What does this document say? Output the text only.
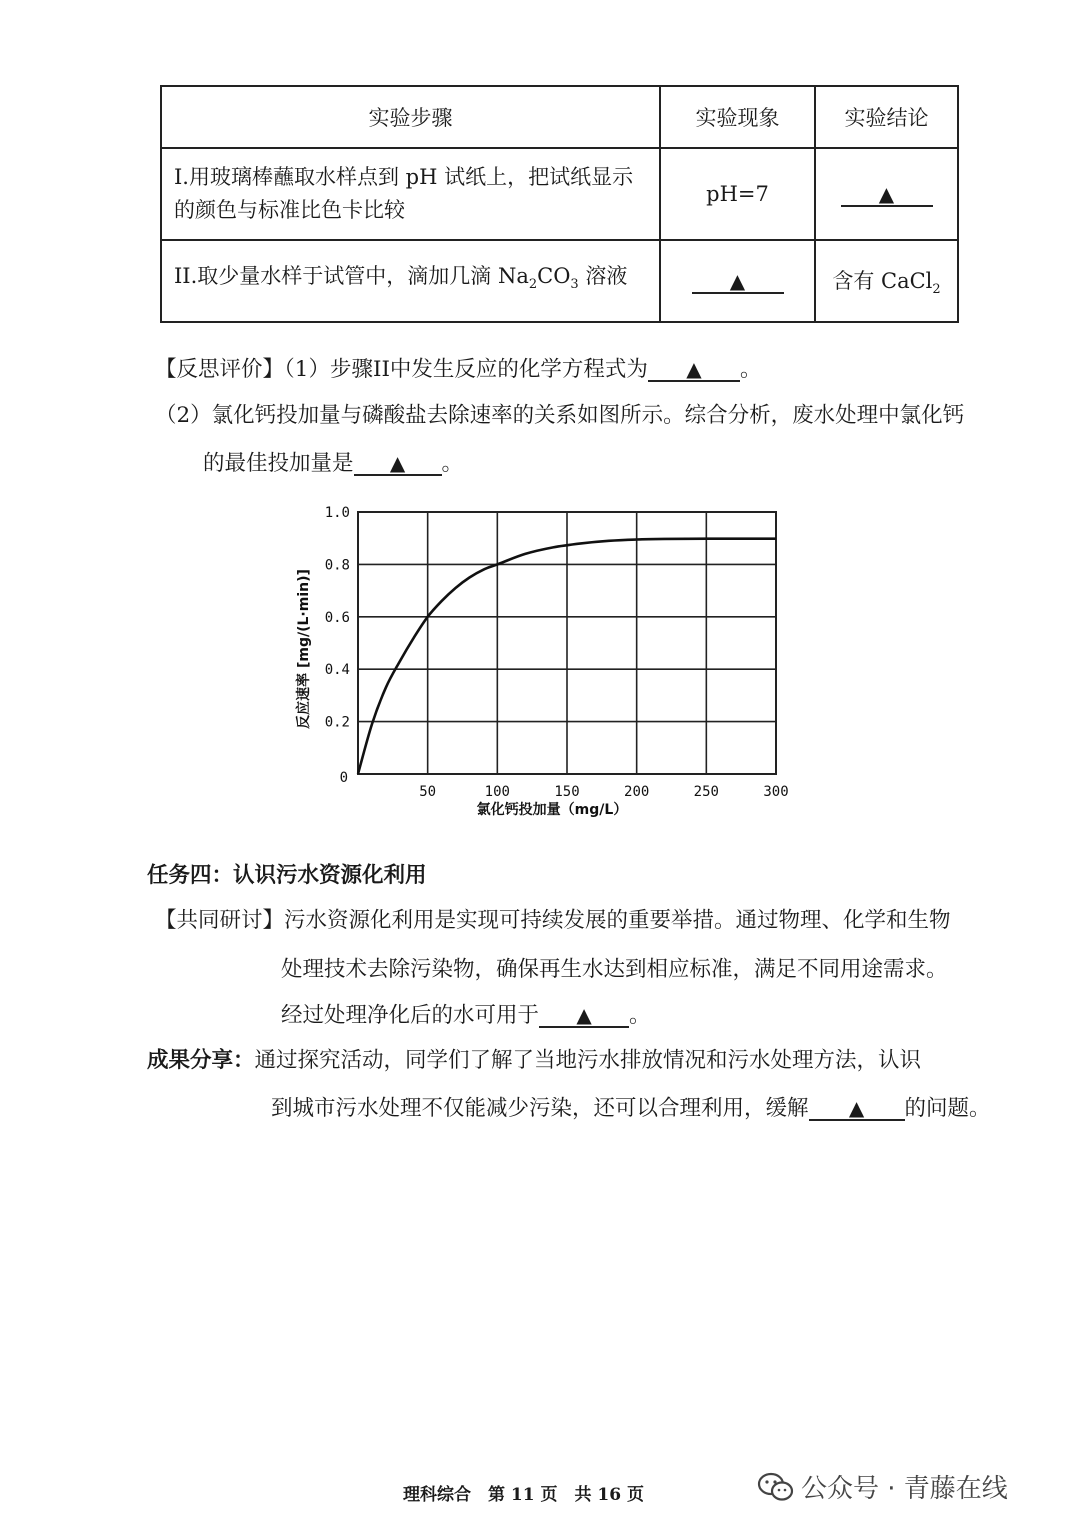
实验步骤	实验现象	实验结论
I.用玻璃棒蘸取水样点到 pH 试纸上，把试纸显示的颜色与标准比色卡比较	pH=7	▲
II.取少量水样于试管中，滴加几滴 $Na_2CO_3$ 溶液	▲	含有 CaCl$_2$
【反思评价】（1）步骤II中发生反应的化学方程式为 ▲ 。
（2）氯化钙投加量与磷酸盐去除速率的关系如图所示。综合分析，废水处理中氯化钙
的最佳投加量是 ▲ 。
50	100	150	200	250	300
0.2
0.4
0.6
0.8
1.0
0
氯化钙投加量（mg/L）
反应速率 [mg/(L·min)]
任务四：认识污水资源化利用
【共同研讨】污水资源化利用是实现可持续发展的重要举措。通过物理、化学和生物
处理技术去除污染物，确保再生水达到相应标准，满足不同用途需求。
经过处理净化后的水可用于 ▲ 。
成果分享：通过探究活动，同学们了解了当地污水排放情况和污水处理方法，认识
到城市污水处理不仅能减少污染，还可以合理利用，缓解 ▲ 的问题。
理科综合　第 11 页　共 16 页	公众号 · 青藤在线
